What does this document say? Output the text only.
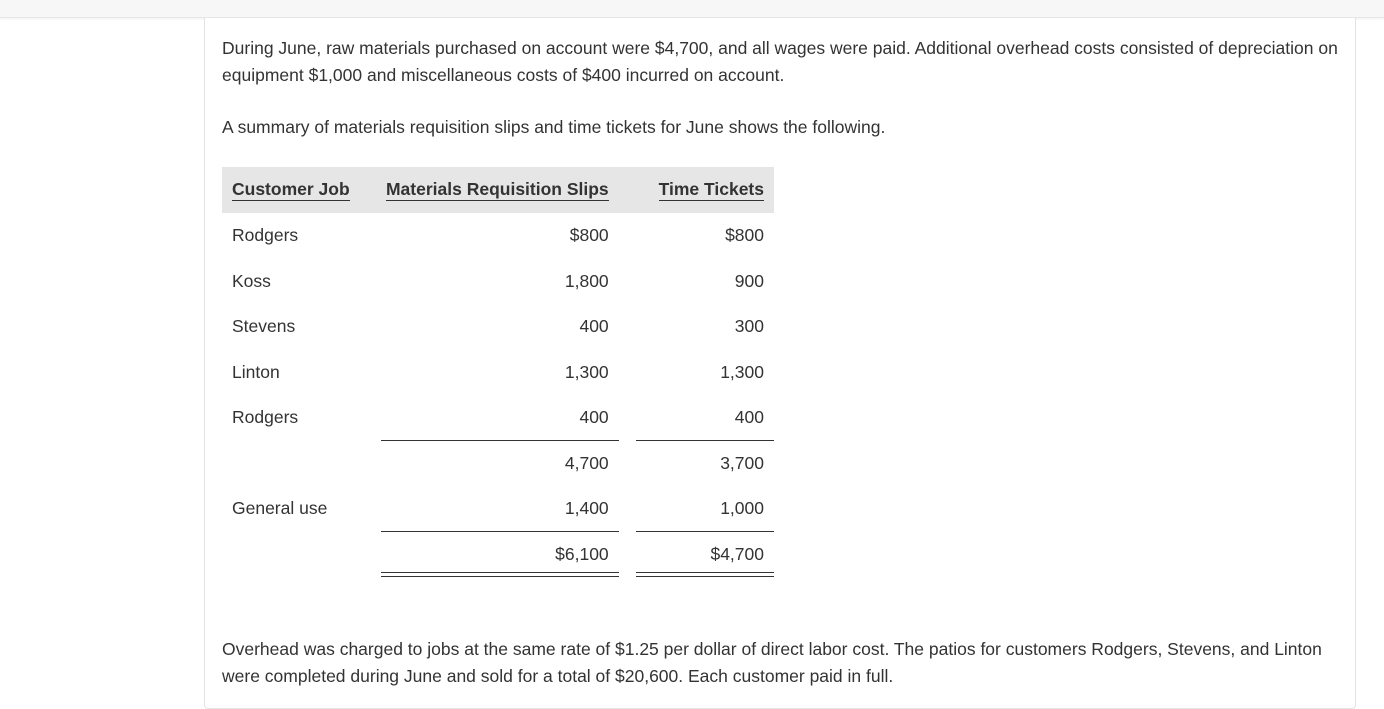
During June, raw materials purchased on account were $4,700, and all wages were paid. Additional overhead costs consisted of depreciation on equipment $1,000 and miscellaneous costs of $400 incurred on account.

A summary of materials requisition slips and time tickets for June shows the following.

Customer Job	Materials Requisition Slips		Time Tickets
Rodgers	$800		$800
Koss	1,800		900
Stevens	400		300
Linton	1,300		1,300
Rodgers	400		400
	4,700		3,700
General use	1,400		1,000
	$6,100		$4,700

Overhead was charged to jobs at the same rate of $1.25 per dollar of direct labor cost. The patios for customers Rodgers, Stevens, and Linton were completed during June and sold for a total of $20,600. Each customer paid in full.
